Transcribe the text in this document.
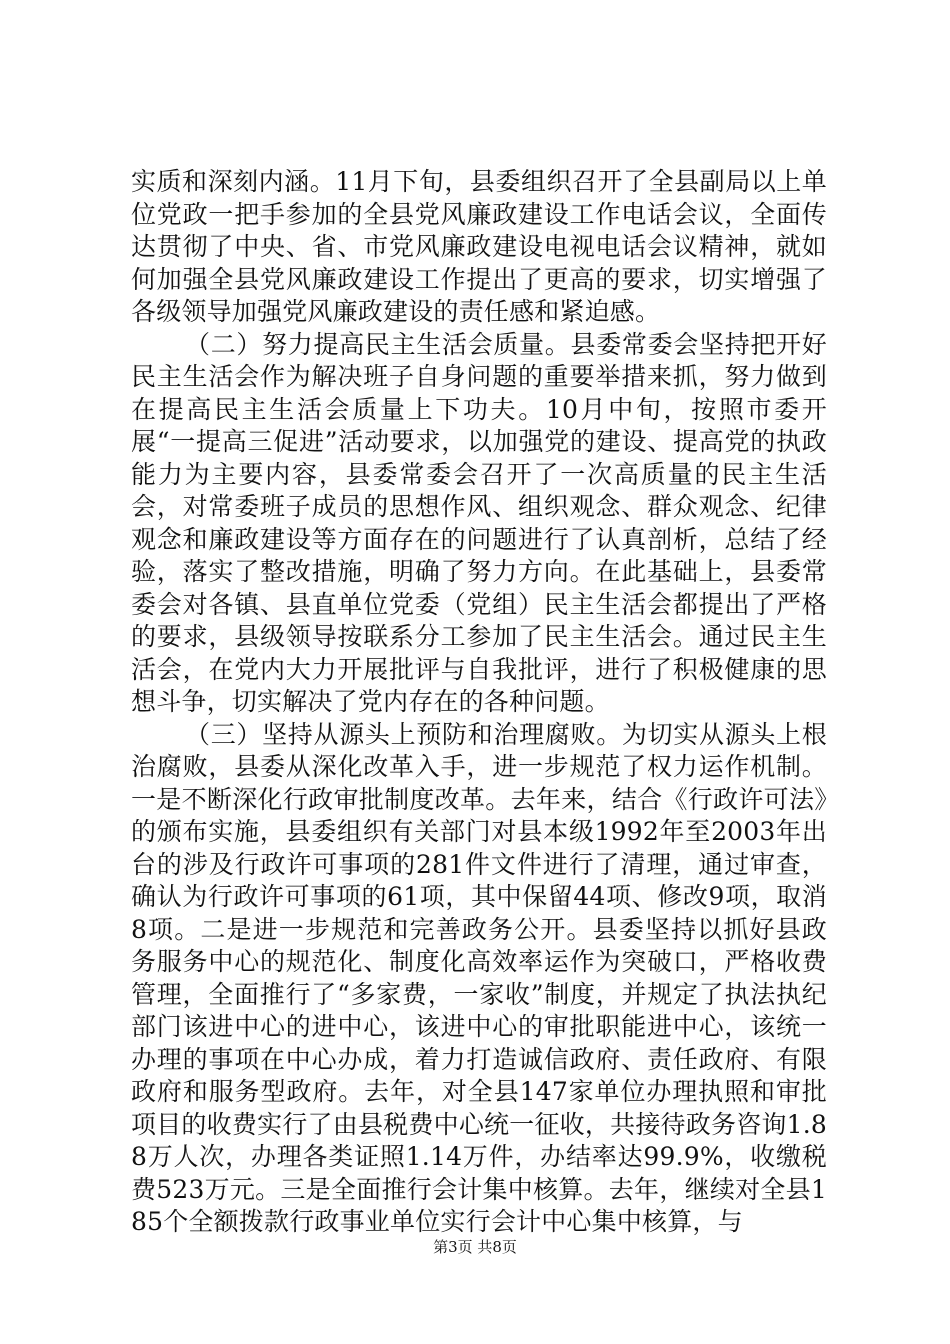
实质和深刻内涵。11月下旬，县委组织召开了全县副局以上单位党政一把手参加的全县党风廉政建设工作电话会议，全面传达贯彻了中央、省、市党风廉政建设电视电话会议精神，就如何加强全县党风廉政建设工作提出了更高的要求，切实增强了各级领导加强党风廉政建设的责任感和紧迫感。

（二）努力提高民主生活会质量。县委常委会坚持把开好民主生活会作为解决班子自身问题的重要举措来抓，努力做到在提高民主生活会质量上下功夫。10月中旬，按照市委开展“一提高三促进”活动要求，以加强党的建设、提高党的执政能力为主要内容，县委常委会召开了一次高质量的民主生活会，对常委班子成员的思想作风、组织观念、群众观念、纪律观念和廉政建设等方面存在的问题进行了认真剖析，总结了经验，落实了整改措施，明确了努力方向。在此基础上，县委常委会对各镇、县直单位党委（党组）民主生活会都提出了严格的要求，县级领导按联系分工参加了民主生活会。通过民主生活会，在党内大力开展批评与自我批评，进行了积极健康的思想斗争，切实解决了党内存在的各种问题。

（三）坚持从源头上预防和治理腐败。为切实从源头上根治腐败，县委从深化改革入手，进一步规范了权力运作机制。一是不断深化行政审批制度改革。去年来，结合《行政许可法》的颁布实施，县委组织有关部门对县本级1992年至2003年出台的涉及行政许可事项的281件文件进行了清理，通过审查，确认为行政许可事项的61项，其中保留44项、修改9项，取消8项。二是进一步规范和完善政务公开。县委坚持以抓好县政务服务中心的规范化、制度化高效率运作为突破口，严格收费管理，全面推行了“多家费，一家收”制度，并规定了执法执纪部门该进中心的进中心，该进中心的审批职能进中心，该统一办理的事项在中心办成，着力打造诚信政府、责任政府、有限政府和服务型政府。去年，对全县147家单位办理执照和审批项目的收费实行了由县税费中心统一征收，共接待政务咨询1.88万人次，办理各类证照1.14万件，办结率达99.9%，收缴税费523万元。三是全面推行会计集中核算。去年，继续对全县185个全额拨款行政事业单位实行会计中心集中核算，与

第3页 共8页
